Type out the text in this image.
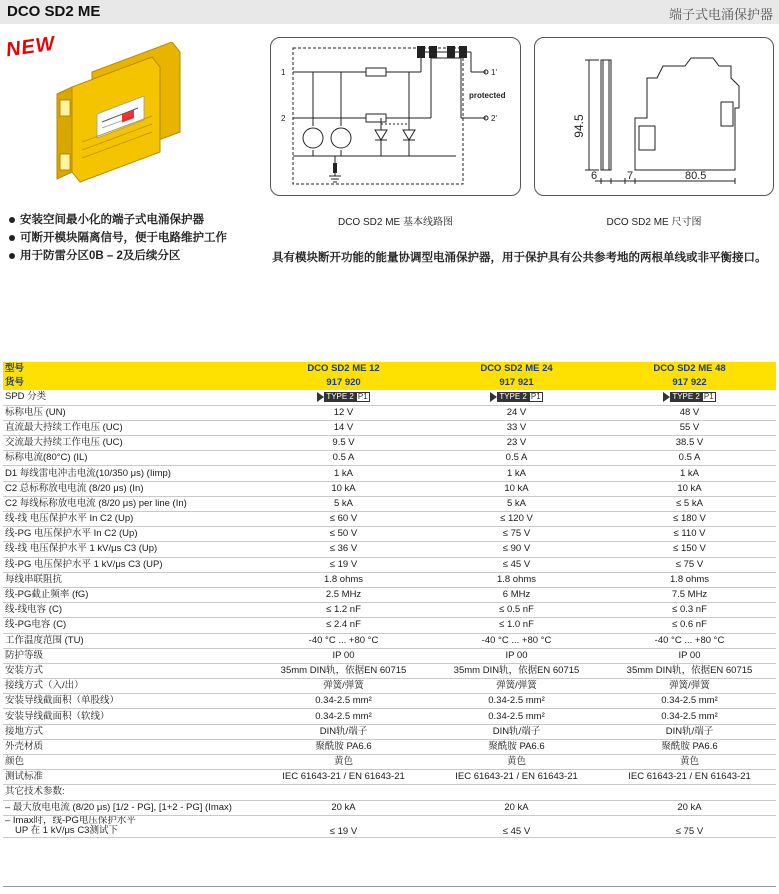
DCO SD2 ME	端子式电涌保护器
NEW
1
2
1'
2'
protected
DCO SD2 ME 基本线路图
94.5
6	7	80.5
DCO SD2 ME 尺寸图
安装空间最小化的端子式电涌保护器
可断开模块隔离信号，便于电路维护工作
用于防雷分区0B – 2及后续分区	具有模块断开功能的能量协调型电涌保护器，用于保护具有公共参考地的两根单线或非平衡接口。
型号	DCO SD2 ME 12	DCO SD2 ME 24	DCO SD2 ME 48
货号	917 920	917 921	917 922
SPD 分类	TYPE 2 P1	TYPE 2 P1	TYPE 2 P1

标称电压 (UN)	12 V	24 V	48 V
直流最大持续工作电压 (UC)	14 V	33 V	55 V
交流最大持续工作电压 (UC)	9.5 V	23 V	38.5 V
标称电流(80°C) (IL)	0.5 A	0.5 A	0.5 A
D1 每线雷电冲击电流(10/350 μs) (Iimp)	1 kA	1 kA	1 kA
C2 总标称放电电流 (8/20 μs) (In)	10 kA	10 kA	10 kA
C2 每线标称放电电流 (8/20 μs) per line (In)	5 kA	5 kA	≤ 5 kA
线-线 电压保护水平 In C2 (Up)	≤ 60 V	≤ 120 V	≤ 180 V
线-PG 电压保护水平 In C2 (Up)	≤ 50 V	≤ 75 V	≤ 110 V
线-线 电压保护水平 1 kV/μs C3 (Up)	≤ 36 V	≤ 90 V	≤ 150 V
线-PG 电压保护水平 1 kV/μs C3 (UP)	≤ 19 V	≤ 45 V	≤ 75 V
每线串联阻抗	1.8 ohms	1.8 ohms	1.8 ohms
线-PG截止频率 (fG)	2.5 MHz	6 MHz	7.5 MHz
线-线电容 (C)	≤ 1.2 nF	≤ 0.5 nF	≤ 0.3 nF
线-PG电容 (C)	≤ 2.4 nF	≤ 1.0 nF	≤ 0.6 nF
工作温度范围 (TU)	-40 °C ... +80 °C	-40 °C ... +80 °C	-40 °C ... +80 °C
防护等级	IP 00	IP 00	IP 00
安装方式	35mm DIN轨，依据EN 60715	35mm DIN轨，依据EN 60715	35mm DIN轨，依据EN 60715
接线方式（入/出）	弹簧/弹簧	弹簧/弹簧	弹簧/弹簧
安装导线截面积（单股线）	0.34-2.5 mm²	0.34-2.5 mm²	0.34-2.5 mm²
安装导线截面积（软线）	0.34-2.5 mm²	0.34-2.5 mm²	0.34-2.5 mm²
接地方式	DIN轨/端子	DIN轨/端子	DIN轨/端子
外壳材质	聚酰胺 PA6.6	聚酰胺 PA6.6	聚酰胺 PA6.6
颜色	黄色	黄色	黄色
测试标准	IEC 61643-21 / EN 61643-21	IEC 61643-21 / EN 61643-21	IEC 61643-21 / EN 61643-21
其它技术参数:			
– 最大放电电流 (8/20 μs) [1/2 - PG], [1+2 - PG] (Imax)	20 kA	20 kA	20 kA

– Imax时，线-PG电压保护水平
UP 在 1 kV/μs C3测试下	≤ 19 V	≤ 45 V	≤ 75 V
